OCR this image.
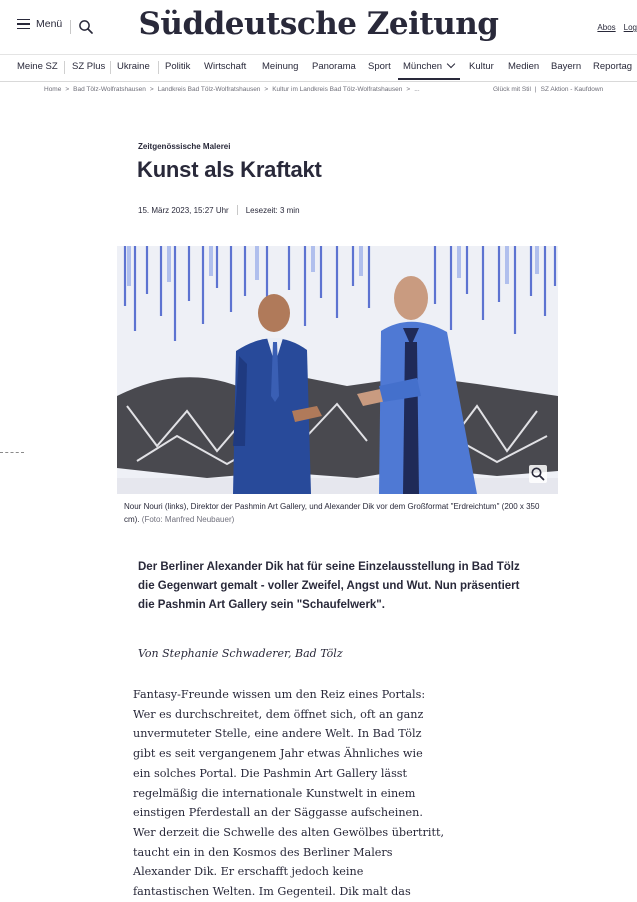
Menü	Süddeutsche Zeitung	Abos Log
Meine SZ SZ Plus Ukraine Politik Wirtschaft Meinung Panorama Sport München	Kultur Medien Bayern Reportag
Home > Bad Tölz-Wolfratshausen > Landkreis Bad Tölz-Wolfratshausen > Kultur im Landkreis Bad Tölz-Wolfratshausen > ...	Glück mit Stil | SZ Aktion - Kaufdown
Zeitgenössische Malerei
Kunst als Kraftakt
15. März 2023, 15:27 Uhr Lesezeit: 3 min
Nour Nouri (links), Direktor der Pashmin Art Gallery, und Alexander Dik vor dem Großformat "Erdreichtum" (200 x 350 cm). (Foto: Manfred Neubauer)

Der Berliner Alexander Dik hat für seine Einzelausstellung in Bad Tölz die Gegenwart gemalt - voller Zweifel, Angst und Wut. Nun präsentiert die Pashmin Art Gallery sein "Schaufelwerk".

Von Stephanie Schwaderer, Bad Tölz

Fantasy-Freunde wissen um den Reiz eines Portals:
Wer es durchschreitet, dem öffnet sich, oft an ganz
unvermuteter Stelle, eine andere Welt. In Bad Tölz
gibt es seit vergangenem Jahr etwas Ähnliches wie
ein solches Portal. Die Pashmin Art Gallery lässt
regelmäßig die internationale Kunstwelt in einem
einstigen Pferdestall an der Säggasse aufscheinen.
Wer derzeit die Schwelle des alten Gewölbes übertritt,
taucht ein in den Kosmos des Berliner Malers
Alexander Dik. Er erschafft jedoch keine
fantastischen Welten. Im Gegenteil. Dik malt das
